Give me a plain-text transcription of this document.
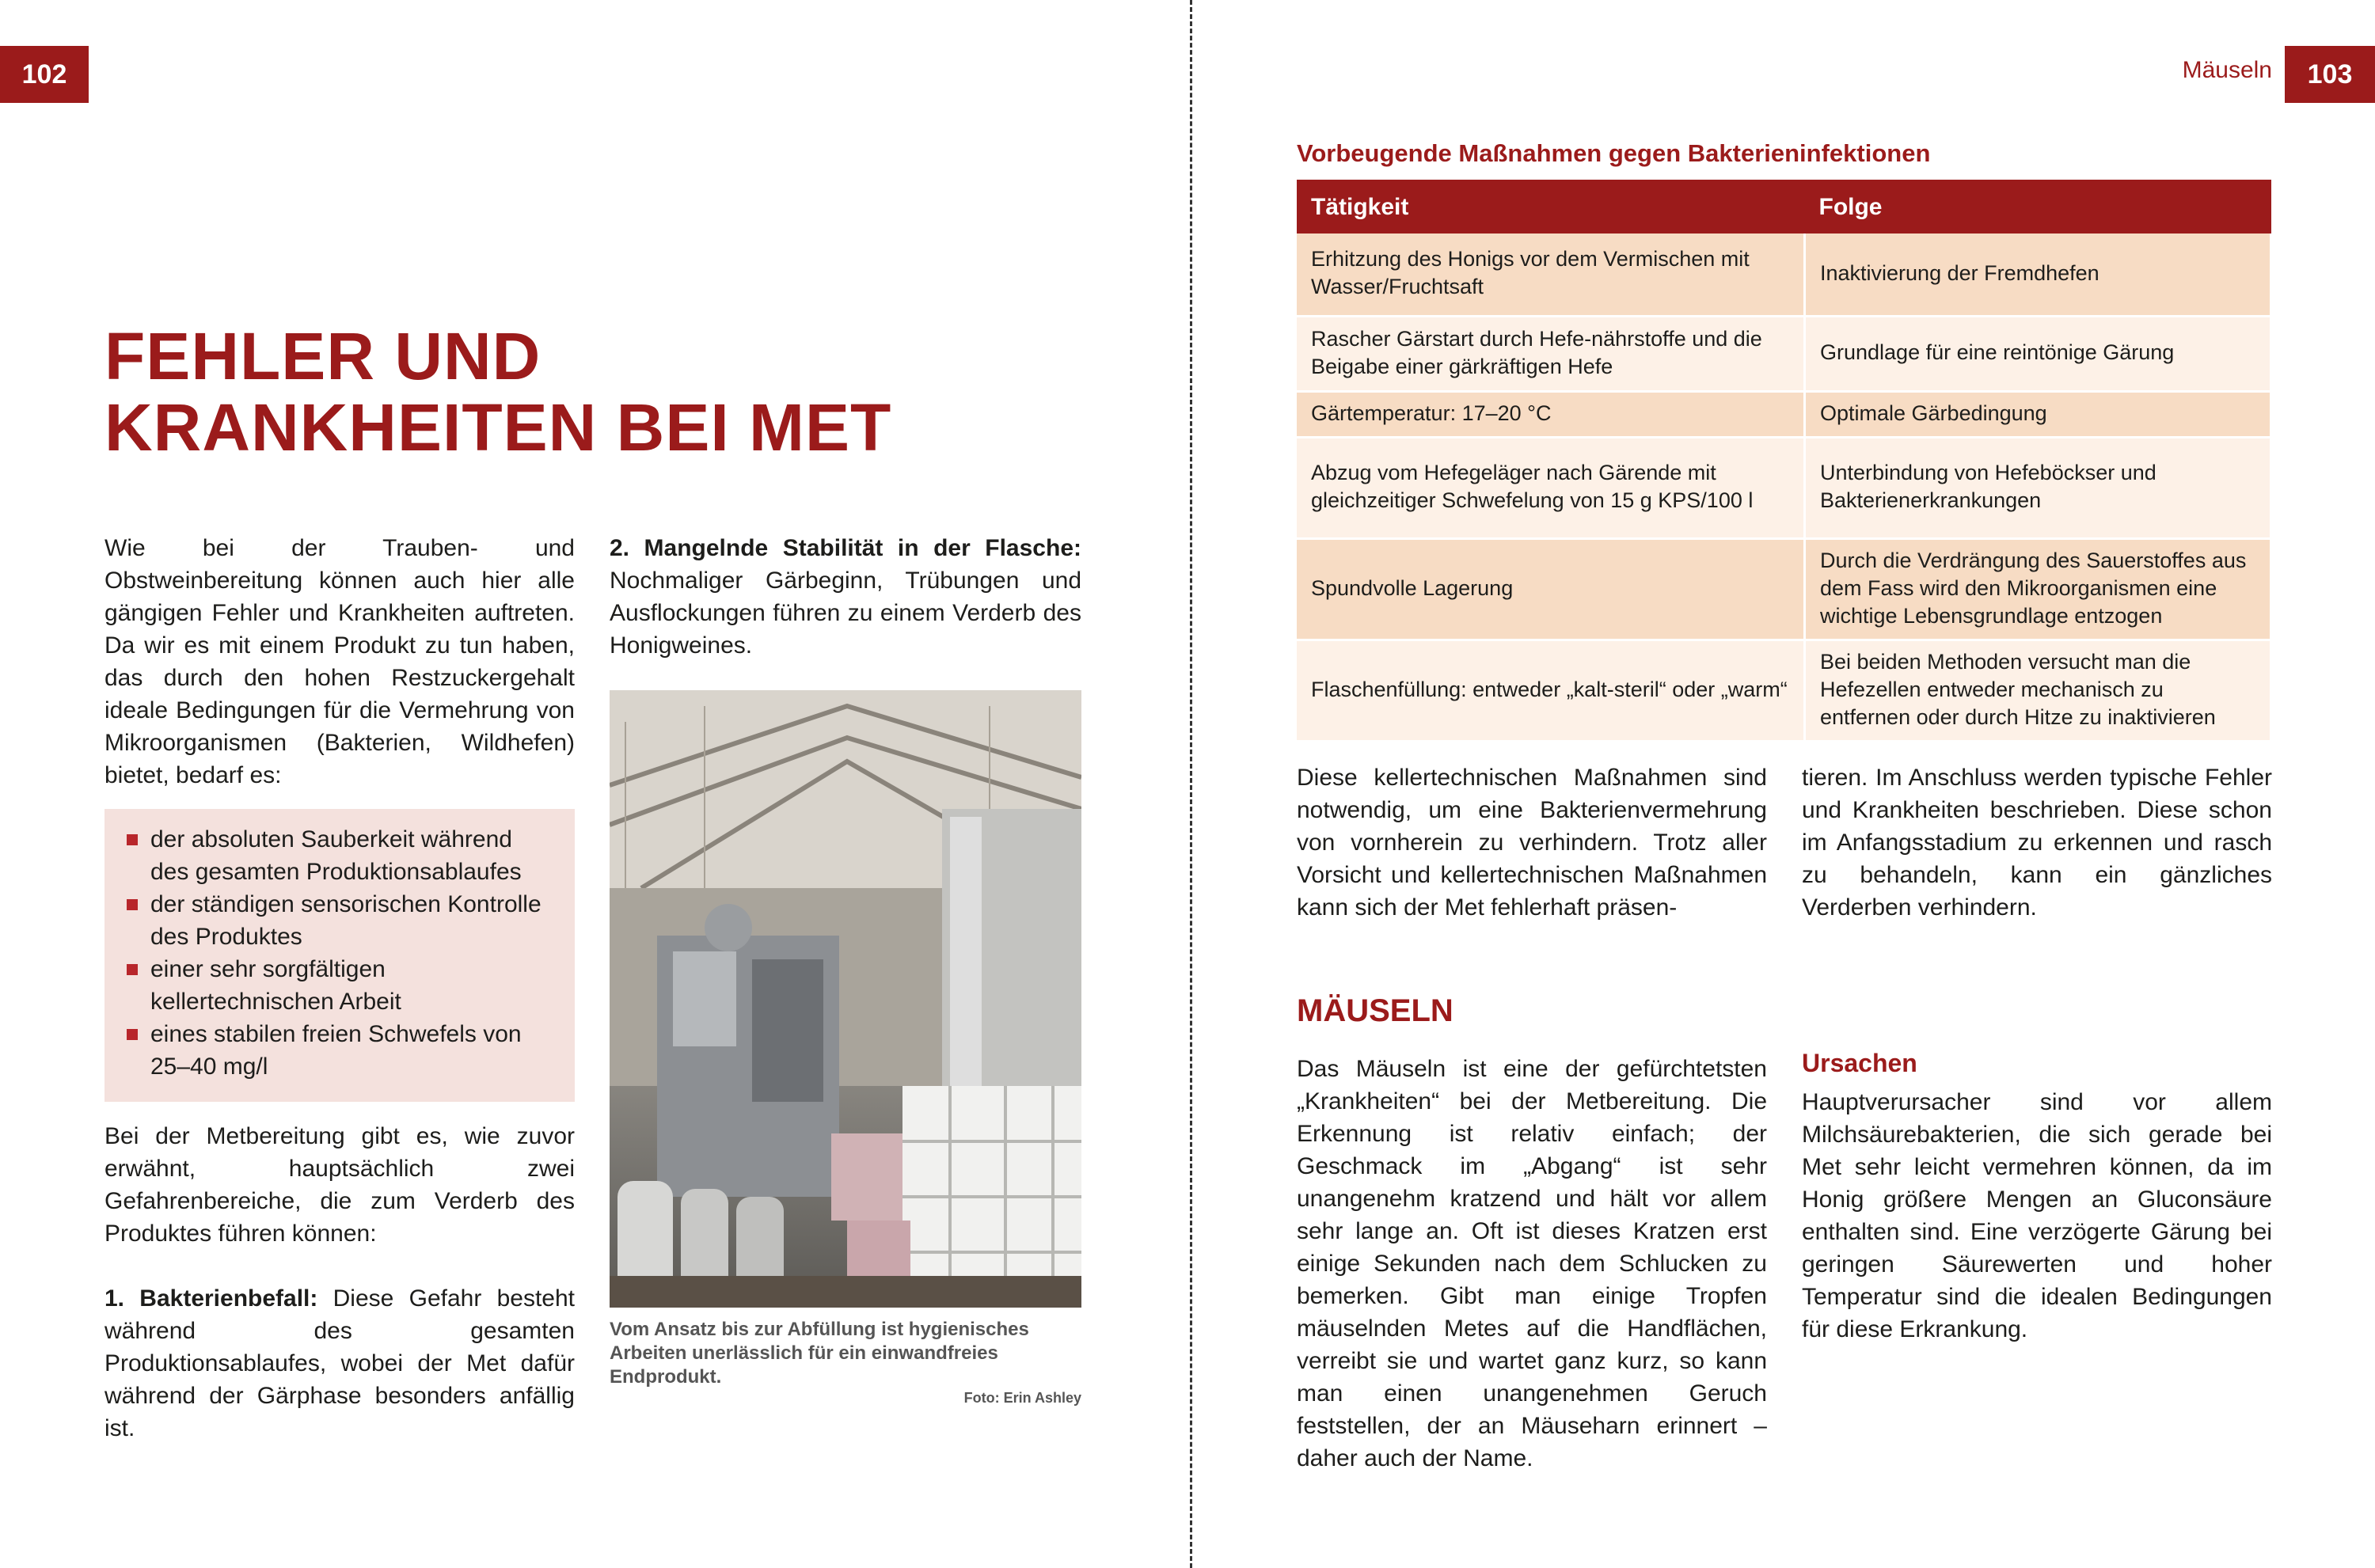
102
FEHLER UND
KRANKHEITEN BEI MET

Wie bei der Trauben- und Obstweinbereitung können auch hier alle gängigen Fehler und Krankheiten auftreten. Da wir es mit einem Produkt zu tun haben, das durch den hohen Restzuckergehalt ideale Bedingungen für die Vermehrung von Mikroorganismen (Bakterien, Wildhefen) bietet, bedarf es:

der absoluten Sauberkeit während des gesamten Produktionsablaufes
der ständigen sensorischen Kontrolle des Produktes
einer sehr sorgfältigen kellertechnischen Arbeit
eines stabilen freien Schwefels von 25–40 mg/l

Bei der Metbereitung gibt es, wie zuvor erwähnt, hauptsächlich zwei Gefahrenbereiche, die zum Verderb des Produktes führen können:

1. Bakterienbefall: Diese Gefahr besteht während des gesamten Produktionsablaufes, wobei der Met dafür während der Gärphase besonders anfällig ist.

2. Mangelnde Stabilität in der Flasche: Nochmaliger Gärbeginn, Trübungen und Ausflockungen führen zu einem Verderb des Honigweines.

Vom Ansatz bis zur Abfüllung ist hygienisches Arbeiten unerlässlich für ein einwandfreies Endprodukt.
Foto: Erin Ashley
Mäuseln	103
Vorbeugende Maßnahmen gegen Bakterieninfektionen
Tätigkeit	Folge
Erhitzung des Honigs vor dem Vermischen mit Wasser/Fruchtsaft	Inaktivierung der Fremdhefen
Rascher Gärstart durch Hefe-nährstoffe und die Beigabe einer gärkräftigen Hefe	Grundlage für eine reintönige Gärung
Gärtemperatur: 17–20 °C	Optimale Gärbedingung
Abzug vom Hefegeläger nach Gärende mit gleichzeitiger Schwefelung von 15 g KPS/100 l	Unterbindung von Hefeböckser und Bakterienerkrankungen
Spundvolle Lagerung	Durch die Verdrängung des Sauerstoffes aus dem Fass wird den Mikroorganismen eine wichtige Lebensgrundlage entzogen
Flaschenfüllung: entweder „kalt-steril“ oder „warm“	Bei beiden Methoden versucht man die Hefezellen entweder mechanisch zu entfernen oder durch Hitze zu inaktivieren

Diese kellertechnischen Maßnahmen sind notwendig, um eine Bakterienvermehrung von vornherein zu verhindern. Trotz aller Vorsicht und kellertechnischen Maßnahmen kann sich der Met fehlerhaft präsen-

tieren. Im Anschluss werden typische Fehler und Krankheiten beschrieben. Diese schon im Anfangsstadium zu erkennen und rasch zu behandeln, kann ein gänzliches Verderben verhindern.

MÄUSELN

Das Mäuseln ist eine der gefürchtetsten „Krankheiten“ bei der Metbereitung. Die Erkennung ist relativ einfach; der Geschmack im „Abgang“ ist sehr unangenehm kratzend und hält vor allem sehr lange an. Oft ist dieses Kratzen erst einige Sekunden nach dem Schlucken zu bemerken. Gibt man einige Tropfen mäuselnden Metes auf die Handflächen, verreibt sie und wartet ganz kurz, so kann man einen unangenehmen Geruch feststellen, der an Mäuseharn erinnert – daher auch der Name.

Ursachen

Hauptverursacher sind vor allem Milchsäurebakterien, die sich gerade bei Met sehr leicht vermehren können, da im Honig größere Mengen an Gluconsäure enthalten sind. Eine verzögerte Gärung bei geringen Säurewerten und hoher Temperatur sind die idealen Bedingungen für diese Erkrankung.
